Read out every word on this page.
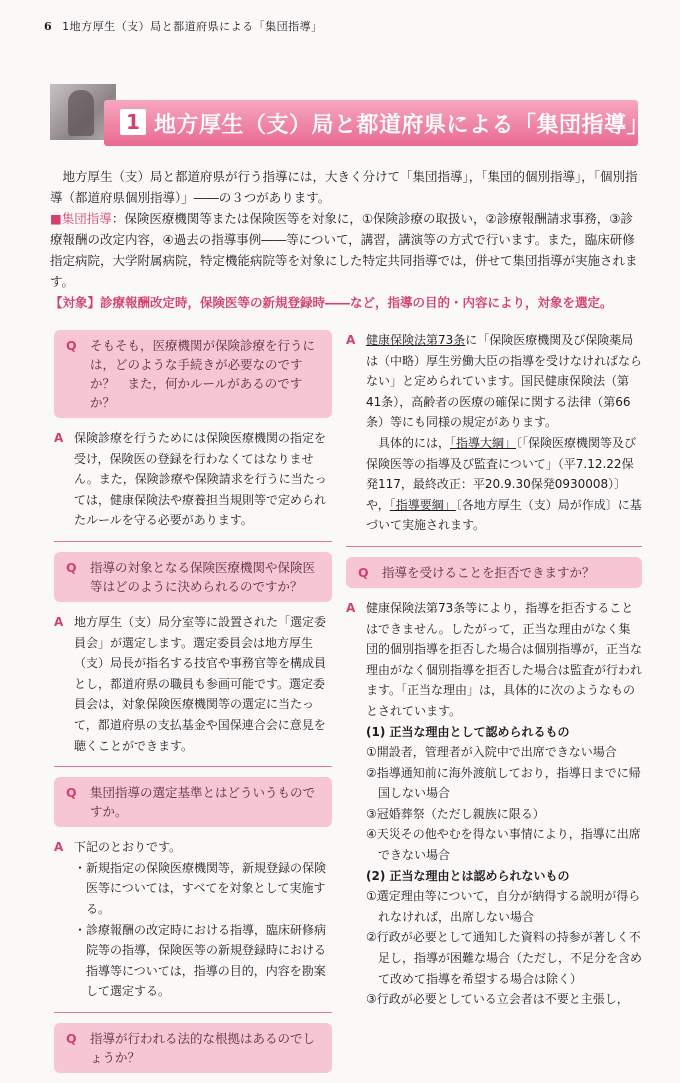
6 1地方厚生（支）局と都道府県による「集団指導」
1 地方厚生（支）局と都道府県による「集団指導」

地方厚生（支）局と都道府県が行う指導には，大きく分けて「集団指導」，「集団的個別指導」，「個別指導（都道府県個別指導）」――の３つがあります。

■集団指導：保険医療機関等または保険医等を対象に，①保険診療の取扱い，②診療報酬請求事務，③診療報酬の改定内容，④過去の指導事例――等について，講習，講演等の方式で行います。また，臨床研修指定病院，大学附属病院，特定機能病院等を対象にした特定共同指導では，併せて集団指導が実施されます。

【対象】診療報酬改定時，保険医等の新規登録時――など，指導の目的・内容により，対象を選定。

Q そもそも，医療機関が保険診療を行うには，どのような手続きが必要なのですか？　また，何かルールがあるのですか？
A 保険診療を行うためには保険医療機関の指定を受け，保険医の登録を行わなくてはなりません。また，保険診療や保険請求を行うに当たっては，健康保険法や療養担当規則等で定められたルールを守る必要があります。

Q 指導の対象となる保険医療機関や保険医等はどのように決められるのですか？
A 地方厚生（支）局分室等に設置された「選定委員会」が選定します。選定委員会は地方厚生（支）局長が指名する技官や事務官等を構成員とし，都道府県の職員も参画可能です。選定委員会は，対象保険医療機関等の選定に当たって，都道府県の支払基金や国保連合会に意見を聴くことができます。

Q 集団指導の選定基準とはどういうものですか。
A 下記のとおりです。

・新規指定の保険医療機関等，新規登録の保険医等については，すべてを対象として実施する。

・診療報酬の改定時における指導，臨床研修病院等の指導，保険医等の新規登録時における指導等については，指導の目的，内容を勘案して選定する。

Q 指導が行われる法的な根拠はあるのでしょうか？
A 健康保険法第73条に「保険医療機関及び保険薬局は（中略）厚生労働大臣の指導を受けなければならない」と定められています。国民健康保険法（第41条），高齢者の医療の確保に関する法律（第66条）等にも同様の規定があります。

具体的には，「指導大綱」〔「保険医療機関等及び保険医等の指導及び監査について」（平7.12.22保発117，最終改正：平20.9.30保発0930008）〕や，「指導要綱」〔各地方厚生（支）局が作成〕に基づいて実施されます。

Q 指導を受けることを拒否できますか？
A 健康保険法第73条等により，指導を拒否することはできません。したがって，正当な理由がなく集団的個別指導を拒否した場合は個別指導が，正当な理由がなく個別指導を拒否した場合は監査が行われます。「正当な理由」は，具体的に次のようなものとされています。

(1) 正当な理由として認められるもの

①開設者，管理者が入院中で出席できない場合

②指導通知前に海外渡航しており，指導日までに帰国しない場合

③冠婚葬祭（ただし親族に限る）

④天災その他やむを得ない事情により，指導に出席できない場合

(2) 正当な理由とは認められないもの

①選定理由等について，自分が納得する説明が得られなければ，出席しない場合

②行政が必要として通知した資料の持参が著しく不足し，指導が困難な場合（ただし，不足分を含めて改めて指導を希望する場合は除く）

③行政が必要としている立会者は不要と主張し，
